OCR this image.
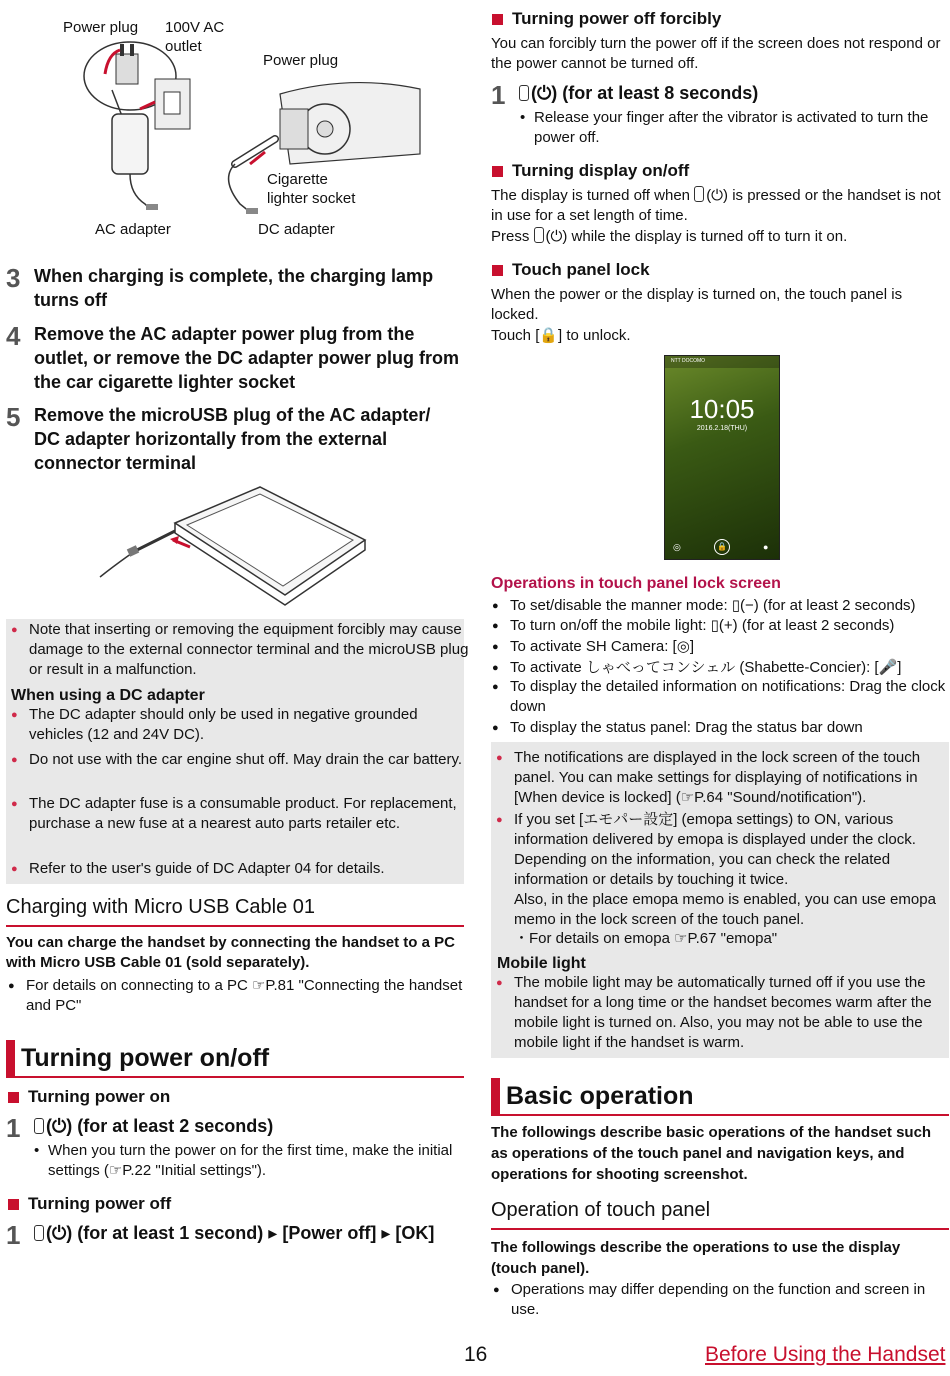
Power plug 100V AC
outlet
Power plug
Cigarette
lighter socket
AC adapter	DC adapter
3 When charging is complete, the charging lamp turns off
4 Remove the AC adapter power plug from the outlet, or remove the DC adapter power plug from the car cigarette lighter socket
5 Remove the microUSB plug of the AC adapter/ DC adapter horizontally from the external connector terminal
● Note that inserting or removing the equipment forcibly may cause damage to the external connector terminal and the microUSB plug or result in a malfunction.
When using a DC adapter
● The DC adapter should only be used in negative grounded vehicles (12 and 24V DC).
● Do not use with the car engine shut off. May drain the car battery.
● The DC adapter fuse is a consumable product. For replacement, purchase a new fuse at a nearest auto parts retailer etc.
● Refer to the user's guide of DC Adapter 04 for details.
Charging with Micro USB Cable 01
You can charge the handset by connecting the handset to a PC with Micro USB Cable 01 (sold separately).
● For details on connecting to a PC ☞P.81 "Connecting the handset and PC"
Turning power on/off
Turning power on
1	(⏻) (for at least 2 seconds)
• When you turn the power on for the first time, make the initial settings (☞P.22 "Initial settings").
Turning power off
1	(⏻) (for at least 1 second) ▸ [Power off] ▸ [OK]
Turning power off forcibly
You can forcibly turn the power off if the screen does not respond or the power cannot be turned off.
1	(⏻) (for at least 8 seconds)
• Release your finger after the vibrator is activated to turn the power off.
Turning display on/off
The display is turned off when (⏻) is pressed or the handset is not in use for a set length of time.
Press (⏻) while the display is turned off to turn it on.
Touch panel lock
When the power or the display is turned on, the touch panel is locked.
Touch [🔒] to unlock.
NTT DOCOMO
10:05
2016.2.18(THU)
◎	🔒	●
Operations in touch panel lock screen
● To set/disable the manner mode: ▯(−) (for at least 2 seconds)
● To turn on/off the mobile light: ▯(+) (for at least 2 seconds)
● To activate SH Camera: [◎]
● To activate しゃべってコンシェル (Shabette-Concier): [🎤]
● To display the detailed information on notifications: Drag the clock down
● To display the status panel: Drag the status bar down
● The notifications are displayed in the lock screen of the touch panel. You can make settings for displaying of notifications in [When device is locked] (☞P.64 "Sound/notification").
● If you set [エモパー設定] (emopa settings) to ON, various information delivered by emopa is displayed under the clock. Depending on the information, you can check the related information or details by touching it twice.
Also, in the place emopa memo is enabled, you can use emopa memo in the lock screen of the touch panel.
・For details on emopa ☞P.67 "emopa"
Mobile light
● The mobile light may be automatically turned off if you use the handset for a long time or the handset becomes warm after the mobile light is turned on. Also, you may not be able to use the mobile light if the handset is warm.
Basic operation
The followings describe basic operations of the handset such as operations of the touch panel and navigation keys, and operations for shooting screenshot.
Operation of touch panel
The followings describe the operations to use the display (touch panel).
● Operations may differ depending on the function and screen in use.
16	Before Using the Handset
